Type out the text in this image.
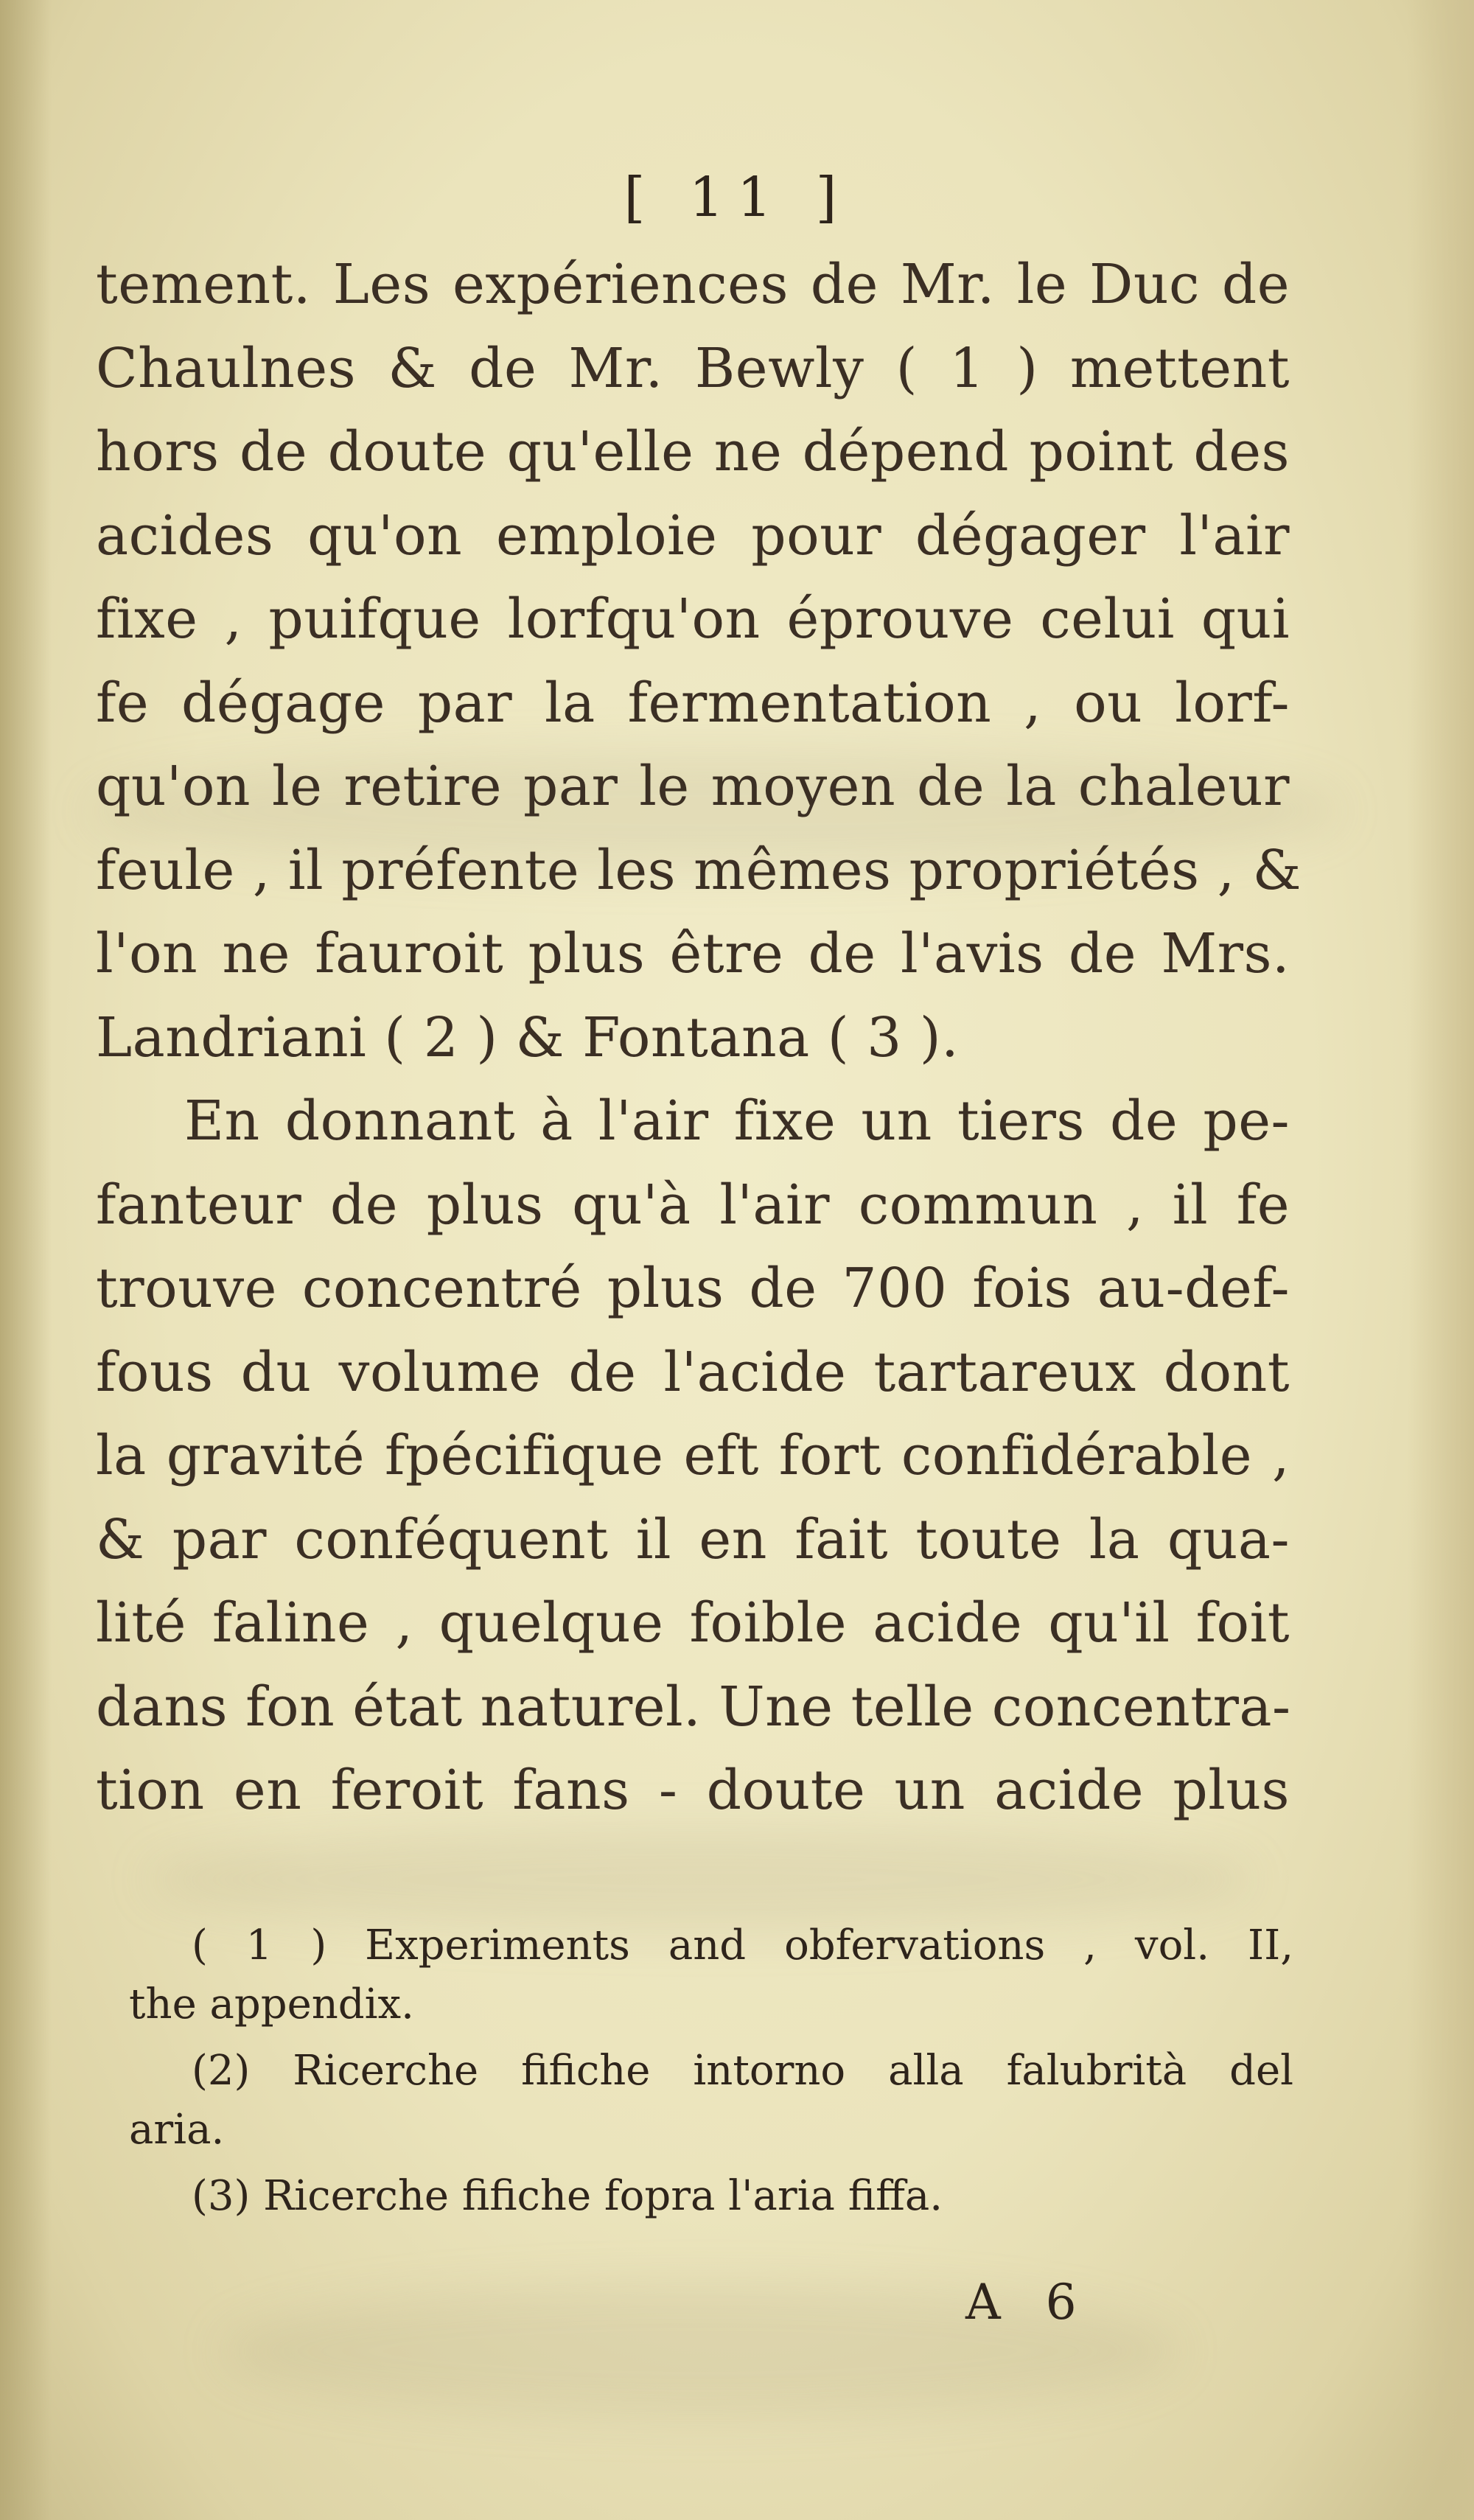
[ 11 ]
tement. Les expériences de Mr. le Duc de
Chaulnes & de Mr. Bewly ( 1 ) mettent
hors de doute qu'elle ne dépend point des
acides qu'on emploie pour dégager l'air
fixe , puifque lorfqu'on éprouve celui qui
fe dégage par la fermentation , ou lorf-
qu'on le retire par le moyen de la chaleur
feule , il préfente les mêmes propriétés , &
l'on ne fauroit plus être de l'avis de Mrs.
Landriani ( 2 ) & Fontana ( 3 ).
En donnant à l'air fixe un tiers de pe-
fanteur de plus qu'à l'air commun , il fe
trouve concentré plus de 700 fois au-def-
fous du volume de l'acide tartareux dont
la gravité fpécifique eft fort confidérable ,
& par conféquent il en fait toute la qua-
lité faline , quelque foible acide qu'il foit
dans fon état naturel. Une telle concentra-
tion en feroit fans - doute un acide plus
( 1 ) Experiments and obfervations , vol. II,
the appendix.
(2) Ricerche fifiche intorno alla falubrità del
aria.
(3) Ricerche fifiche fopra l'aria fiffa.
A 6
